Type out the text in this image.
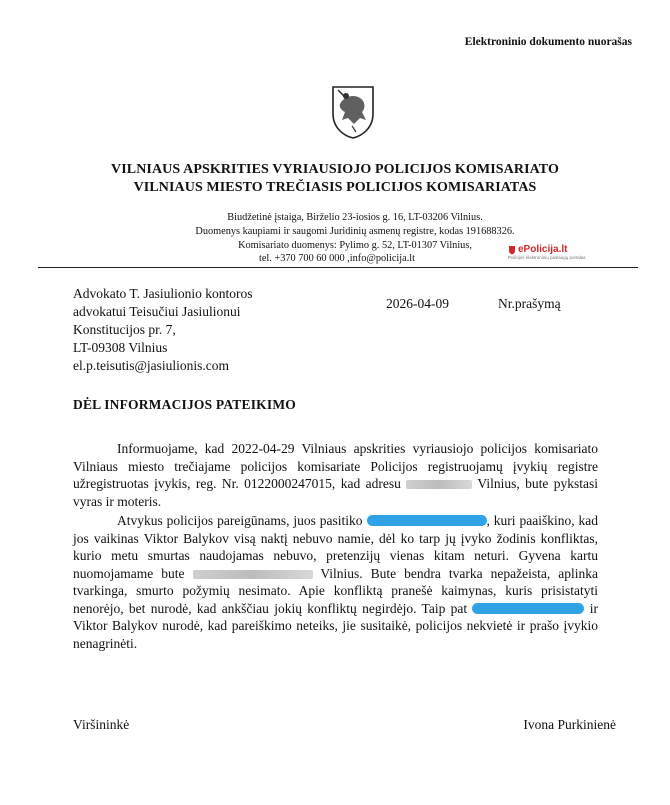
Elektroninio dokumento nuorašas
VILNIAUS APSKRITIES VYRIAUSIOJO POLICIJOS KOMISARIATO
VILNIAUS MIESTO TREČIASIS POLICIJOS KOMISARIATAS
Biudžetinė įstaiga, Birželio 23-iosios g. 16, LT-03206 Vilnius.
Duomenys kaupiami ir saugomi Juridinių asmenų registre, kodas 191688326.
Komisariato duomenys: Pylimo g. 52, LT-01307 Vilnius,
tel. +370 700 60 000 ,info@policija.lt
ePolicija.lt
Policijos elektroninių paslaugų portalas
Advokato T. Jasiulionio kontoros
advokatui Teisučiui Jasiulionui
Konstitucijos pr. 7,
LT-09308 Vilnius
el.p.teisutis@jasiulionis.com
2026-04-09	Nr.prašymą
DĖL INFORMACIJOS PATEIKIMO
Informuojame, kad 2022-04-29 Vilniaus apskrities vyriausiojo policijos komisariato Vilniaus miesto trečiajame policijos komisariate Policijos registruojamų įvykių registre užregistruotas įvykis, reg. Nr. 0122000247015, kad adresu	Vilnius, bute pykstasi vyras ir moteris.
Atvykus policijos pareigūnams, juos pasitiko	, kuri paaiškino, kad jos vaikinas Viktor Balykov visą naktį nebuvo namie, dėl ko tarp jų įvyko žodinis konfliktas, kurio metu smurtas naudojamas nebuvo, pretenzijų vienas kitam neturi. Gyvena kartu nuomojamame bute	Vilnius. Bute bendra tvarka nepažeista, aplinka tvarkinga, smurto požymių nesimato. Apie konfliktą pranešė kaimynas, kuris prisistatyti nenorėjo, bet nurodė, kad ankščiau jokių konfliktų negirdėjo. Taip pat	ir Viktor Balykov nurodė, kad pareiškimo neteiks, jie susitaikė, policijos nekvietė ir prašo įvykio nenagrinėti.
Viršininkė	Ivona Purkinienė
